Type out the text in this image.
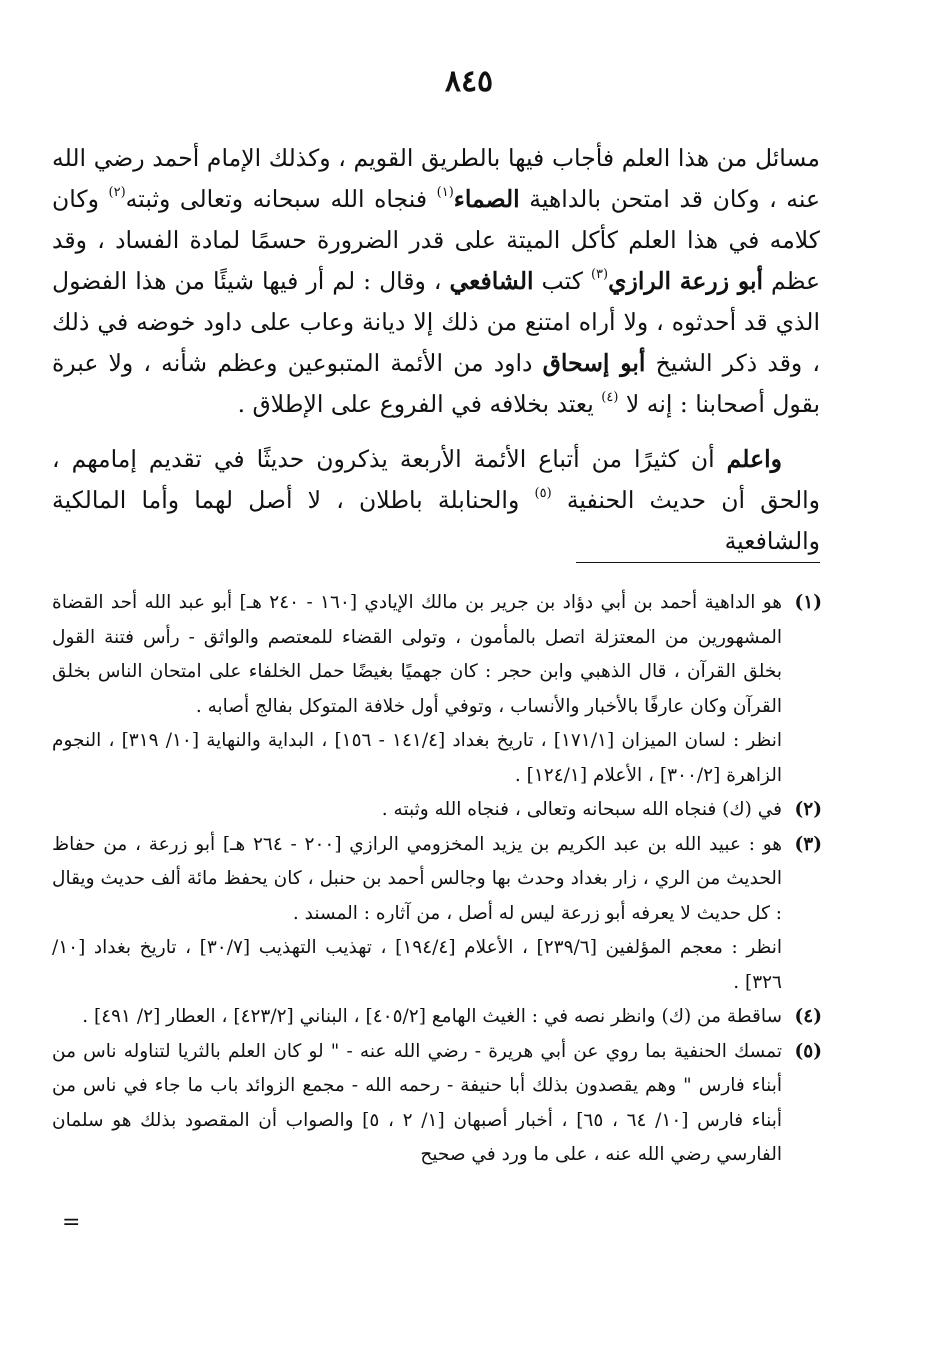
٨٤٥

مسائل من هذا العلم فأجاب فيها بالطريق القويم ، وكذلك الإمام أحمد رضي الله عنه ، وكان قد امتحن بالداهية الصماء$^{(١)}$ فنجاه الله سبحانه وتعالى وثبته$^{(٢)}$ وكان كلامه في هذا العلم كأكل الميتة على قدر الضرورة حسمًا لمادة الفساد ، وقد عظم أبو زرعة الرازي$^{(٣)}$ كتب الشافعي ، وقال : لم أر فيها شيئًا من هذا الفضول الذي قد أحدثوه ، ولا أراه امتنع من ذلك إلا ديانة وعاب على داود خوضه في ذلك ، وقد ذكر الشيخ أبو إسحاق داود من الأئمة المتبوعين وعظم شأنه ، ولا عبرة بقول أصحابنا : إنه لا $^{(٤)}$ يعتد بخلافه في الفروع على الإطلاق .

واعلم أن كثيرًا من أتباع الأئمة الأربعة يذكرون حديثًا في تقديم إمامهم ، والحق أن حديث الحنفية $^{(٥)}$ والحنابلة باطلان ، لا أصل لهما وأما المالكية والشافعية

(١)
هو الداهية أحمد بن أبي دؤاد بن جرير بن مالك الإيادي [١٦٠ - ٢٤٠ هـ] أبو عبد الله أحد القضاة المشهورين من المعتزلة اتصل بالمأمون ، وتولى القضاء للمعتصم والواثق - رأس فتنة القول بخلق القرآن ، قال الذهبي وابن حجر : كان جهميًا بغيضًا حمل الخلفاء على امتحان الناس بخلق القرآن وكان عارفًا بالأخبار والأنساب ، وتوفي أول خلافة المتوكل بفالج أصابه .
انظر : لسان الميزان [١٧١/١] ، تاريخ بغداد [١٤١/٤ - ١٥٦] ، البداية والنهاية [١٠/ ٣١٩] ، النجوم الزاهرة [٣٠٠/٢] ، الأعلام [١٢٤/١] .
(٢)
في (ك) فنجاه الله سبحانه وتعالى ، فنجاه الله وثبته .
(٣)
هو : عبيد الله بن عبد الكريم بن يزيد المخزومي الرازي [٢٠٠ - ٢٦٤ هـ] أبو زرعة ، من حفاظ الحديث من الري ، زار بغداد وحدث بها وجالس أحمد بن حنبل ، كان يحفظ مائة ألف حديث ويقال : كل حديث لا يعرفه أبو زرعة ليس له أصل ، من آثاره : المسند .
انظر : معجم المؤلفين [٢٣٩/٦] ، الأعلام [١٩٤/٤] ، تهذيب التهذيب [٣٠/٧] ، تاريخ بغداد [١٠/ ٣٢٦] .
(٤)
ساقطة من (ك) وانظر نصه في : الغيث الهامع [٤٠٥/٢] ، البناني [٤٢٣/٢] ، العطار [٢/ ٤٩١] .
(٥)
تمسك الحنفية بما روي عن أبي هريرة - رضي الله عنه - " لو كان العلم بالثريا لتناوله ناس من أبناء فارس " وهم يقصدون بذلك أبا حنيفة - رحمه الله - مجمع الزوائد باب ما جاء في ناس من أبناء فارس [١٠/ ٦٤ ، ٦٥] ، أخبار أصبهان [١/ ٢ ، ٥] والصواب أن المقصود بذلك هو سلمان الفارسي رضي الله عنه ، على ما ورد في صحيح
=
